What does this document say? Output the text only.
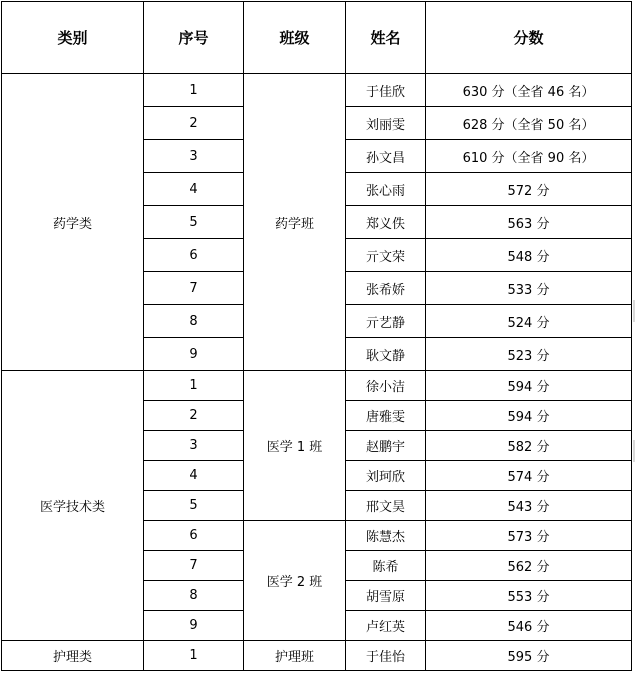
类别	序号	班级	姓名	分数
药学类	1	药学班	于佳欣	630 分（全省 46 名）
	2		刘丽雯	628 分（全省 50 名）
	3		孙文昌	610 分（全省 90 名）
	4		张心雨	572 分
	5		郑义佚	563 分
	6		亓文荣	548 分
	7		张希娇	533 分
	8		亓艺静	524 分
	9		耿文静	523 分
医学技术类	1	医学 1 班	徐小洁	594 分
	2		唐雅雯	594 分
	3		赵鹏宇	582 分
	4		刘珂欣	574 分
	5		邢文昊	543 分
	6	医学 2 班	陈慧杰	573 分
	7		陈希	562 分
	8		胡雪原	553 分
	9		卢红英	546 分
护理类	1	护理班	于佳怡	595 分
